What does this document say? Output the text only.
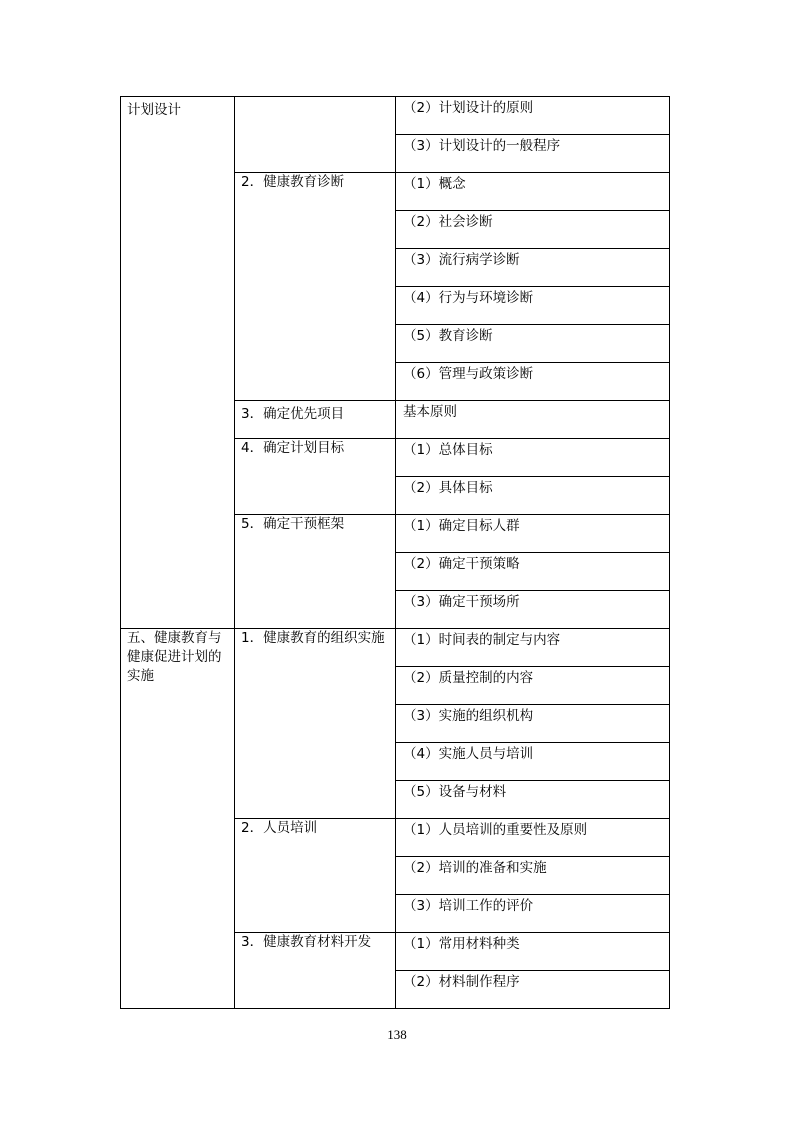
计划设计		（2）计划设计的原则

		（3）计划设计的一般程序

	2．健康教育诊断	（1）概念

		（2）社会诊断

		（3）流行病学诊断

		（4）行为与环境诊断

		（5）教育诊断

		（6）管理与政策诊断

	3．确定优先项目	基本原则

	4．确定计划目标	（1）总体目标

		（2）具体目标

	5．确定干预框架	（1）确定目标人群

		（2）确定干预策略

		（3）确定干预场所

五、健康教育与健康促进计划的实施	1．健康教育的组织实施	（1）时间表的制定与内容

		（2）质量控制的内容

		（3）实施的组织机构

		（4）实施人员与培训

		（5）设备与材料

	2．人员培训	（1）人员培训的重要性及原则

		（2）培训的准备和实施

		（3）培训工作的评价

	3．健康教育材料开发	（1）常用材料种类

		（2）材料制作程序
138
